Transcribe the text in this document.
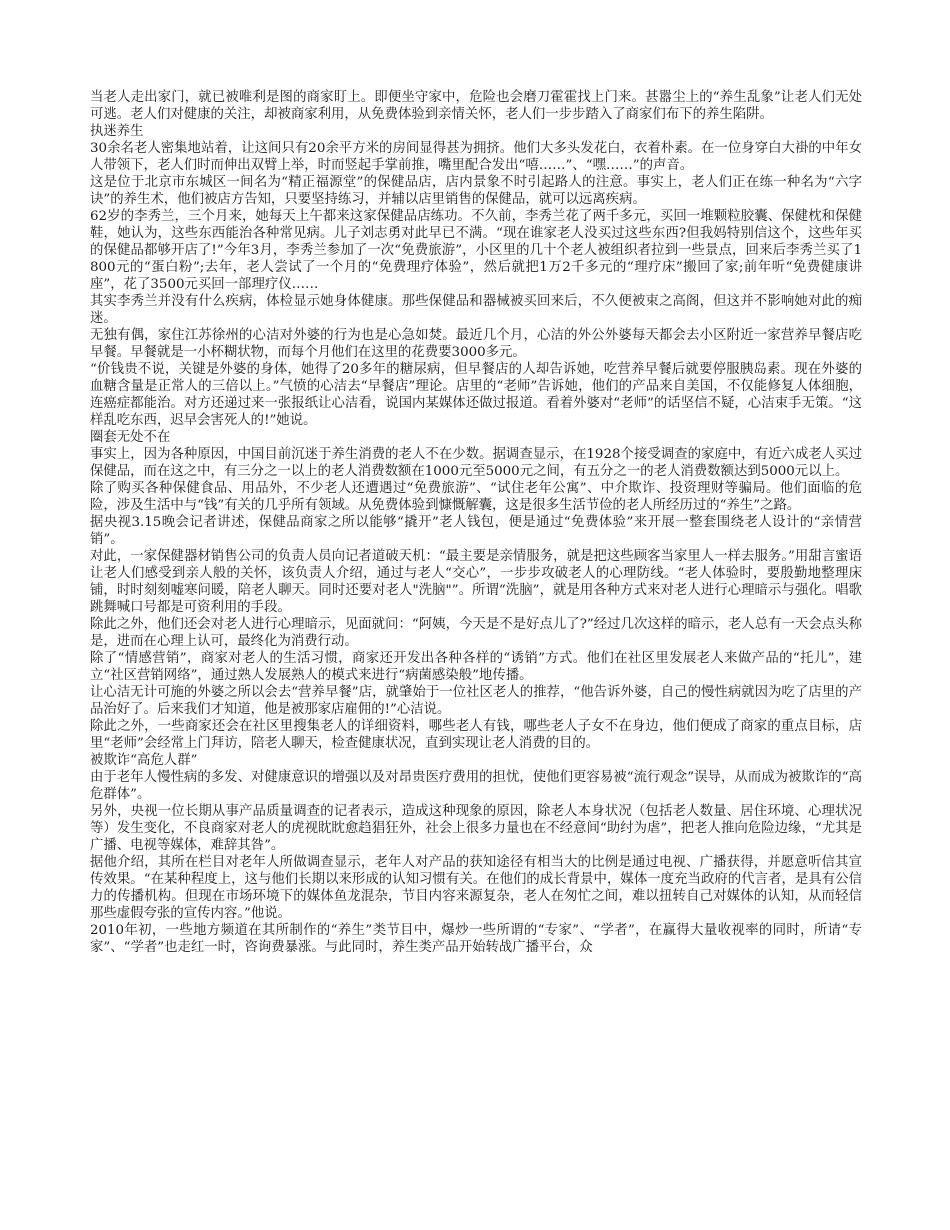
当老人走出家门，就已被唯利是图的商家盯上。即便坐守家中，危险也会磨刀霍霍找上门来。甚嚣尘上的“养生乱象”让老人们无处可逃。老人们对健康的关注，却被商家利用，从免费体验到亲情关怀，老人们一步步踏入了商家们布下的养生陷阱。

执迷养生

30余名老人密集地站着，让这间只有20余平方米的房间显得甚为拥挤。他们大多头发花白，衣着朴素。在一位身穿白大褂的中年女人带领下，老人们时而伸出双臂上举，时而竖起手掌前推，嘴里配合发出“嘻……”、“嘿……”的声音。

这是位于北京市东城区一间名为“精正福源堂”的保健品店，店内景象不时引起路人的注意。事实上，老人们正在练一种名为“六字诀”的养生术，他们被店方告知，只要坚持练习，并辅以店里销售的保健品，就可以远离疾病。

62岁的李秀兰，三个月来，她每天上午都来这家保健品店练功。不久前，李秀兰花了两千多元，买回一堆颗粒胶囊、保健枕和保健鞋，她认为，这些东西能治各种常见病。儿子刘志勇对此早已不满。“现在谁家老人没买过这些东西?但我妈特别信这个，这些年买的保健品都够开店了!”今年3月，李秀兰参加了一次“免费旅游”，小区里的几十个老人被组织者拉到一些景点，回来后李秀兰买了1800元的“蛋白粉”;去年，老人尝试了一个月的“免费理疗体验”，然后就把1万2千多元的“理疗床”搬回了家;前年听“免费健康讲座”，花了3500元买回一部理疗仪……

其实李秀兰并没有什么疾病，体检显示她身体健康。那些保健品和器械被买回来后，不久便被束之高阁，但这并不影响她对此的痴迷。

无独有偶，家住江苏徐州的心洁对外婆的行为也是心急如焚。最近几个月，心洁的外公外婆每天都会去小区附近一家营养早餐店吃早餐。早餐就是一小杯糊状物，而每个月他们在这里的花费要3000多元。

“价钱贵不说，关键是外婆的身体，她得了20多年的糖尿病，但早餐店的人却告诉她，吃营养早餐后就要停服胰岛素。现在外婆的血糖含量是正常人的三倍以上。”气愤的心洁去“早餐店”理论。店里的“老师”告诉她，他们的产品来自美国，不仅能修复人体细胞，连癌症都能治。对方还递过来一张报纸让心洁看，说国内某媒体还做过报道。看着外婆对“老师”的话坚信不疑，心洁束手无策。“这样乱吃东西，迟早会害死人的!”她说。

圈套无处不在

事实上，因为各种原因，中国目前沉迷于养生消费的老人不在少数。据调查显示，在1928个接受调查的家庭中，有近六成老人买过保健品，而在这之中，有三分之一以上的老人消费数额在1000元至5000元之间，有五分之一的老人消费数额达到5000元以上。

除了购买各种保健食品、用品外，不少老人还遭遇过“免费旅游”、“试住老年公寓”、中介欺诈、投资理财等骗局。他们面临的危险，涉及生活中与“钱”有关的几乎所有领域。从免费体验到慷慨解囊，这是很多生活节俭的老人所经历过的“养生”之路。

据央视3.15晚会记者讲述，保健品商家之所以能够“撬开”老人钱包，便是通过“免费体验”来开展一整套围绕老人设计的“亲情营销”。

对此，一家保健器材销售公司的负责人员向记者道破天机：“最主要是亲情服务，就是把这些顾客当家里人一样去服务。”用甜言蜜语让老人们感受到亲人般的关怀，该负责人介绍，通过与老人“交心”，一步步攻破老人的心理防线。“老人体验时，要殷勤地整理床铺，时时刻刻嘘寒问暖，陪老人聊天。同时还要对老人"洗脑"”。所谓“洗脑”，就是用各种方式来对老人进行心理暗示与强化。唱歌跳舞喊口号都是可资利用的手段。

除此之外，他们还会对老人进行心理暗示，见面就问：“阿姨，今天是不是好点儿了?”经过几次这样的暗示，老人总有一天会点头称是，进而在心理上认可，最终化为消费行动。

除了“情感营销”，商家对老人的生活习惯，商家还开发出各种各样的“诱销”方式。他们在社区里发展老人来做产品的“托儿”，建立“社区营销网络”，通过熟人发展熟人的模式来进行“病菌感染般”地传播。

让心洁无计可施的外婆之所以会去“营养早餐”店，就肇始于一位社区老人的推荐，“他告诉外婆，自己的慢性病就因为吃了店里的产品治好了。后来我们才知道，他是被那家店雇佣的!”心洁说。

除此之外，一些商家还会在社区里搜集老人的详细资料，哪些老人有钱，哪些老人子女不在身边，他们便成了商家的重点目标，店里“老师”会经常上门拜访，陪老人聊天，检查健康状况，直到实现让老人消费的目的。

被欺诈“高危人群”

由于老年人慢性病的多发、对健康意识的增强以及对昂贵医疗费用的担忧，使他们更容易被“流行观念”误导，从而成为被欺诈的“高危群体”。

另外，央视一位长期从事产品质量调查的记者表示，造成这种现象的原因，除老人本身状况（包括老人数量、居住环境、心理状况等）发生变化，不良商家对老人的虎视眈眈愈趋猖狂外，社会上很多力量也在不经意间“助纣为虐”，把老人推向危险边缘，“尤其是广播、电视等媒体，难辞其咎”。

据他介绍，其所在栏目对老年人所做调查显示，老年人对产品的获知途径有相当大的比例是通过电视、广播获得，并愿意听信其宣传效果。“在某种程度上，这与他们长期以来形成的认知习惯有关。在他们的成长背景中，媒体一度充当政府的代言者，是具有公信力的传播机构。但现在市场环境下的媒体鱼龙混杂，节目内容来源复杂，老人在匆忙之间，难以扭转自己对媒体的认知，从而轻信那些虚假夸张的宣传内容。”他说。

2010年初，一些地方频道在其所制作的“养生”类节目中，爆炒一些所谓的“专家”、“学者”，在赢得大量收视率的同时，所请“专家”、“学者”也走红一时，咨询费暴涨。与此同时，养生类产品开始转战广播平台，众
